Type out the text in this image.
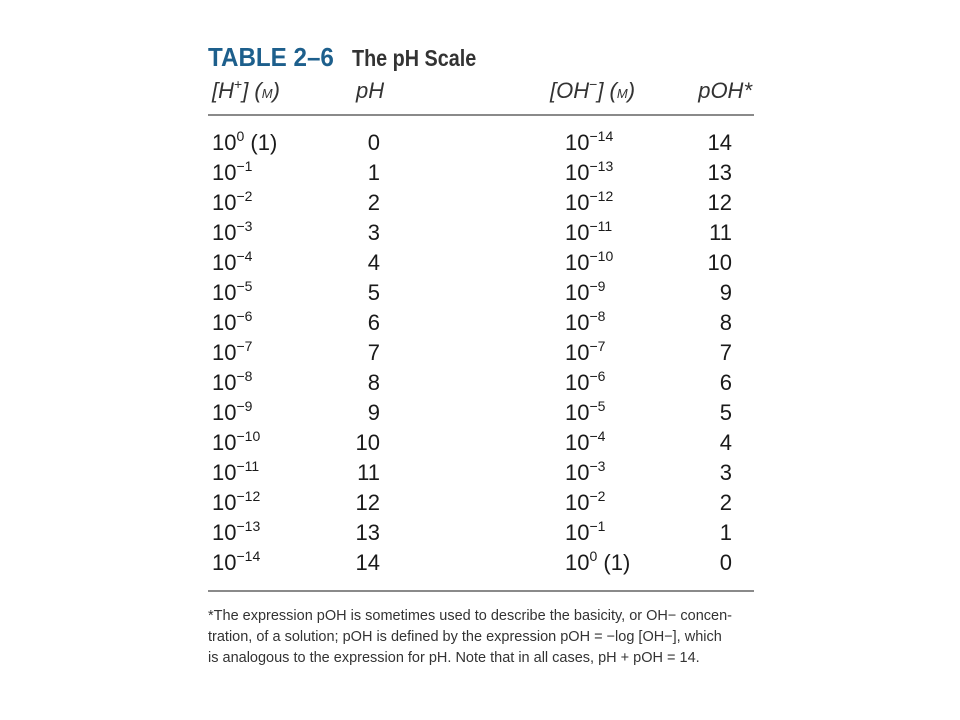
TABLE 2–6 The pH Scale
[H+] (m)	pH	[OH−] (m)	pOH*
$10^0$ (1)	0	$10^{-14}$	14
$10^{-1}$	1	$10^{-13}$	13
$10^{-2}$	2	$10^{-12}$	12
$10^{-3}$	3	$10^{-11}$	11
$10^{-4}$	4	$10^{-10}$	10
$10^{-5}$	5	$10^{-9}$	9
$10^{-6}$	6	$10^{-8}$	8
$10^{-7}$	7	$10^{-7}$	7
$10^{-8}$	8	$10^{-6}$	6
$10^{-9}$	9	$10^{-5}$	5
$10^{-10}$	10	$10^{-4}$	4
$10^{-11}$	11	$10^{-3}$	3
$10^{-12}$	12	$10^{-2}$	2
$10^{-13}$	13	$10^{-1}$	1
$10^{-14}$	14	$10^0$ (1)	0
*The expression pOH is sometimes used to describe the basicity, or OH− concen-
tration, of a solution; pOH is defined by the expression pOH = −log [OH−], which
is analogous to the expression for pH. Note that in all cases, pH + pOH = 14.
